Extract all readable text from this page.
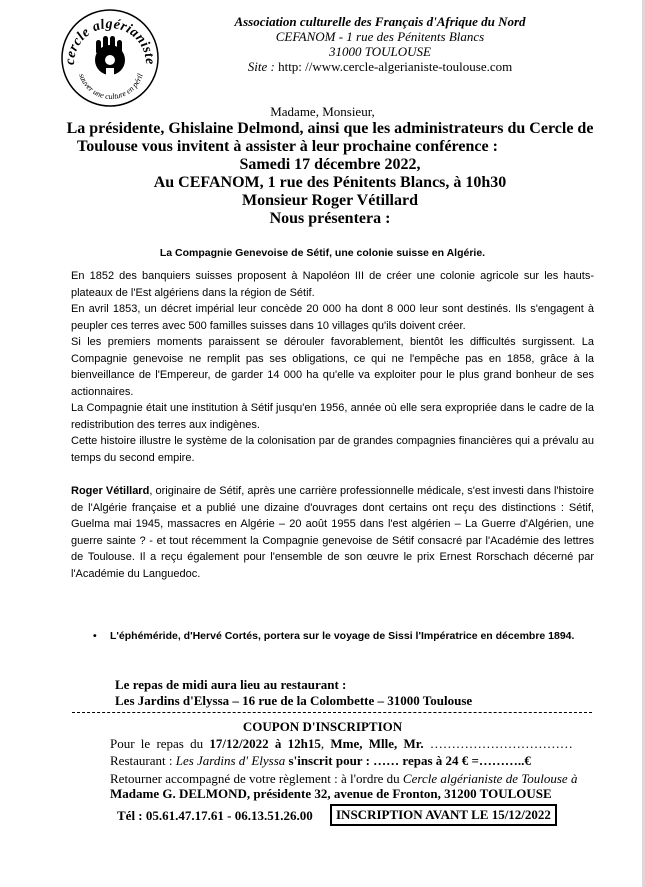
cercle algérianiste
sauver une culture en péril
Association culturelle des Français d'Afrique du Nord
CEFANOM - 1 rue des Pénitents Blancs
31000 TOULOUSE
Site : http: //www.cercle-algerianiste-toulouse.com
Madame, Monsieur,
La présidente, Ghislaine Delmond, ainsi que les administrateurs du Cercle de
Toulouse vous invitent à assister à leur prochaine conférence :
Samedi 17 décembre 2022,
Au CEFANOM, 1 rue des Pénitents Blancs, à 10h30
Monsieur Roger Vétillard
Nous présentera :
La Compagnie Genevoise de Sétif, une colonie suisse en Algérie.

En 1852 des banquiers suisses proposent à Napoléon III de créer une colonie agricole sur les hauts-plateaux de l'Est algériens dans la région de Sétif.

En avril 1853, un décret impérial leur concède 20 000 ha dont 8 000 leur sont destinés. Ils s'engagent à peupler ces terres avec 500 familles suisses dans 10 villages qu'ils doivent créer.

Si les premiers moments paraissent se dérouler favorablement, bientôt les difficultés surgissent. La Compagnie genevoise ne remplit pas ses obligations, ce qui ne l'empêche pas en 1858, grâce à la bienveillance de l'Empereur, de garder 14 000 ha qu'elle va exploiter pour le plus grand bonheur de ses actionnaires.

La Compagnie était une institution à Sétif jusqu'en 1956, année où elle sera expropriée dans le cadre de la redistribution des terres aux indigènes.

Cette histoire illustre le système de la colonisation par de grandes compagnies financières qui a prévalu au temps du second empire.

Roger Vétillard, originaire de Sétif, après une carrière professionnelle médicale, s'est investi dans l'histoire de l'Algérie française et a publié une dizaine d'ouvrages dont certains ont reçu des distinctions : Sétif, Guelma mai 1945, massacres en Algérie – 20 août 1955 dans l'est algérien – La Guerre d'Algérien, une guerre sainte ? - et tout récemment la Compagnie genevoise de Sétif consacré par l'Académie des lettres de Toulouse. Il a reçu également pour l'ensemble de son œuvre le prix Ernest Rorschach décerné par l'Académie du Languedoc.

• L'éphéméride, d'Hervé Cortés, portera sur le voyage de Sissi l'Impératrice en décembre 1894.
Le repas de midi aura lieu au restaurant :
Les Jardins d'Elyssa – 16 rue de la Colombette – 31000 Toulouse
COUPON D'INSCRIPTION
Pour le repas du 17/12/2022 à 12h15, Mme, Mlle, Mr. ……………………………
Restaurant : Les Jardins d' Elyssa s'inscrit pour : …… repas à 24 € =………..€
Retourner accompagné de votre règlement : à l'ordre du Cercle algérianiste de Toulouse à
Madame G. DELMOND, présidente 32, avenue de Fronton, 31200 TOULOUSE
Tél : 05.61.47.17.61 - 06.13.51.26.00	INSCRIPTION AVANT LE 15/12/2022
